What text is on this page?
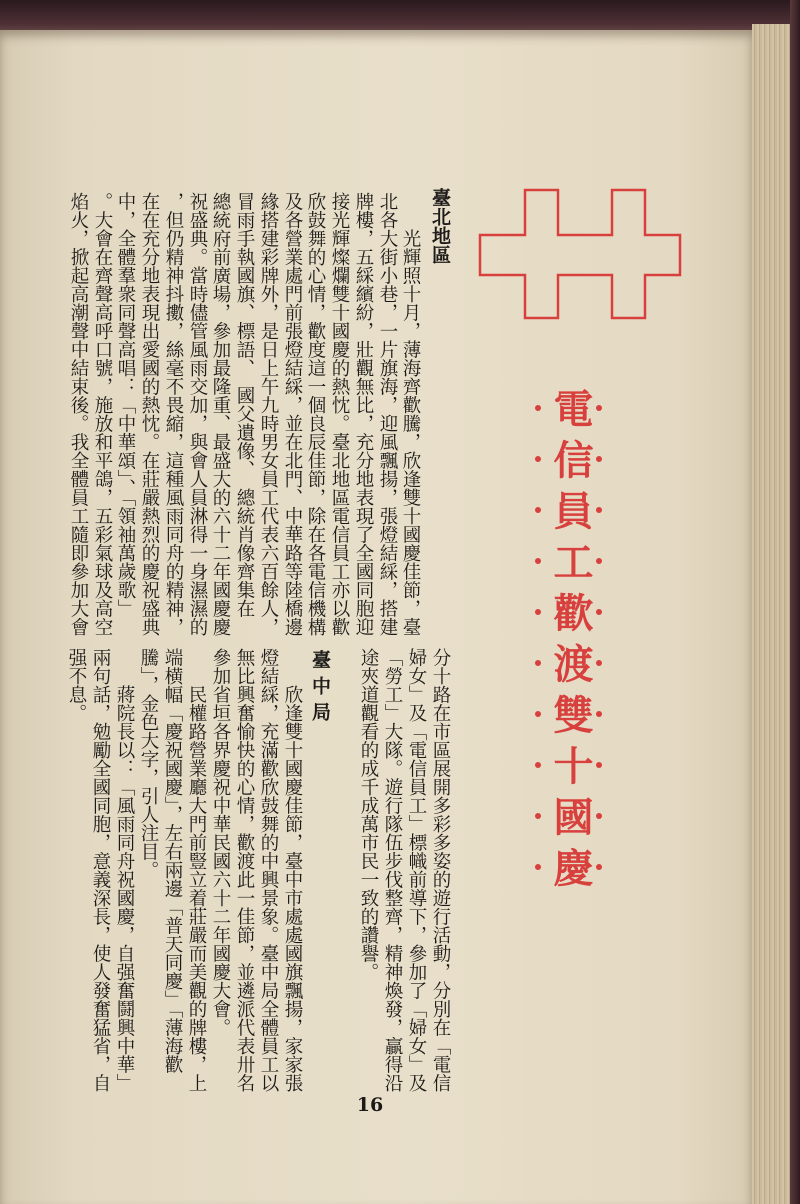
電信員工歡渡雙十國慶
臺北地區
光輝照十月，薄海齊歡騰，欣逢雙十國慶佳節，臺
北各大街小巷，一片旗海，迎風飄揚，張燈結綵，搭建
牌樓，五綵繽紛，壯觀無比，充分地表現了全國同胞迎
接光輝燦爛雙十國慶的熱忱。臺北地區電信員工亦以歡
欣鼓舞的心情，歡度這一個良辰佳節，除在各電信機構
及各營業處門前張燈結綵，並在北門、中華路等陸橋邊
緣搭建彩牌外，是日上午九時男女員工代表六百餘人，
冒雨手執國旗、標語、　國父遺像、　總統肖像齊集在
總統府前廣場，參加最隆重、最盛大的六十二年國慶慶
祝盛典。當時儘管風雨交加，與會人員淋得一身濕濕的
，但仍精神抖擻，絲毫不畏縮，這種風雨同舟的精神，
在在充分地表現出愛國的熱忱。在莊嚴熱烈的慶祝盛典
中，全體羣衆同聲高唱：「中華頌」、「領袖萬歲歌」
。大會在齊聲高呼口號，施放和平鴿，五彩氣球及高空
焰火，掀起高潮聲中結束後。我全體員工隨即參加大會
分十路在市區展開多彩多姿的遊行活動，分別在「電信
婦女」及「電信員工」標幟前導下，參加了「婦女」及
「勞工」大隊。遊行隊伍步伐整齊，精神煥發，贏得沿
途夾道觀看的成千成萬市民一致的讚譽。
臺中局
欣逢雙十國慶佳節，臺中市處處國旗飄揚，家家張
燈結綵，充滿歡欣鼓舞的中興景象。臺中局全體員工以
無比興奮愉快的心情，歡渡此一佳節，並遴派代表卅名
參加省垣各界慶祝中華民國六十二年國慶大會。
民權路營業廳大門前豎立着莊嚴而美觀的牌樓，上
端横幅「慶祝國慶」，左右兩邊「普天同慶」「薄海歡
騰」，金色大字，引人注目。
蔣院長以：「風雨同舟祝國慶，自强奮鬪興中華」
兩句話，勉勵全國同胞，意義深長，使人發奮猛省，自
强不息。
16
